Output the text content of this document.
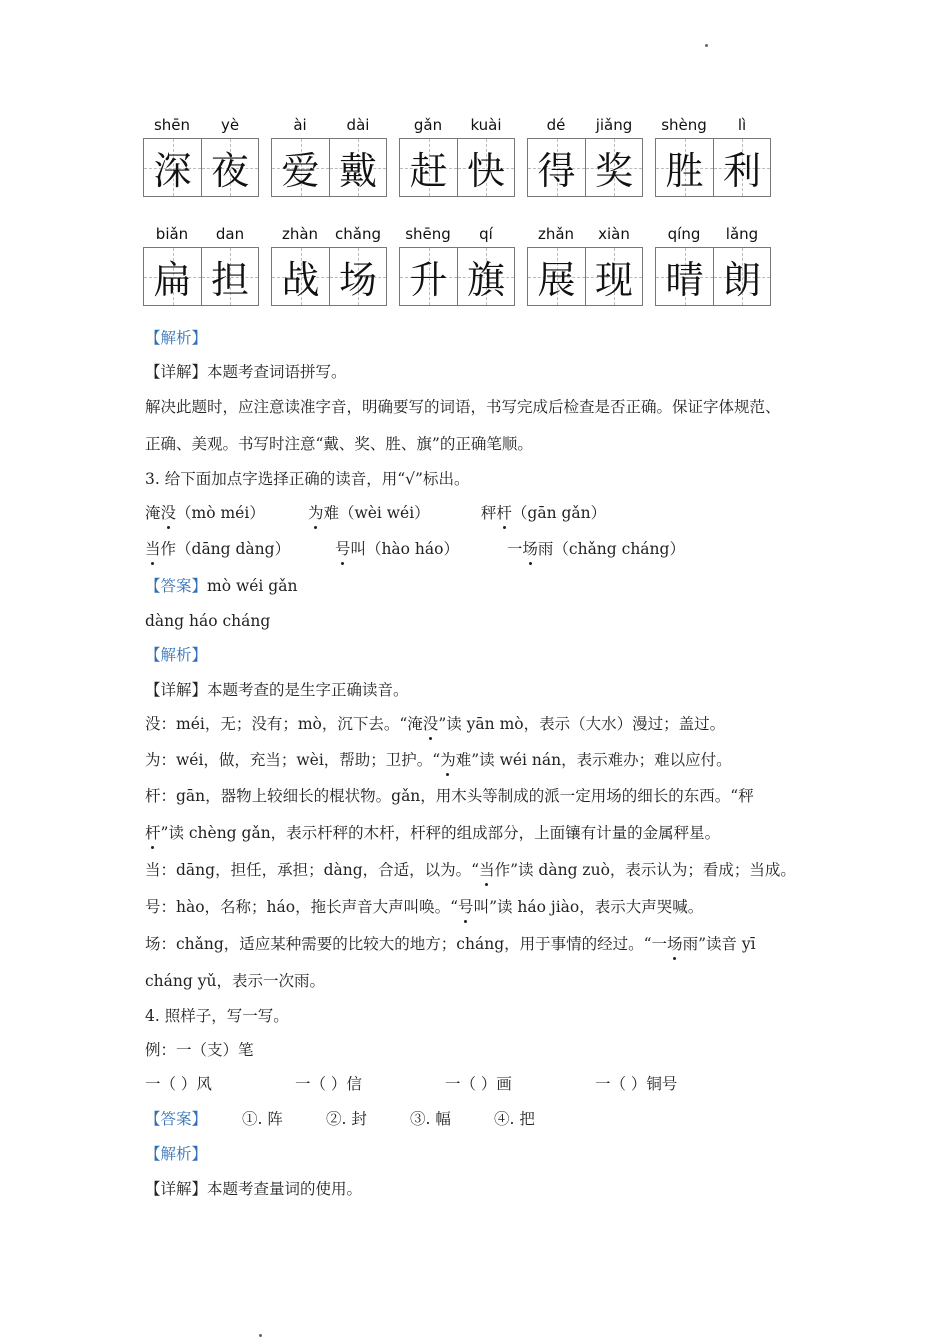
shēn	yè
深 夜
ài	dài
爱 戴
gǎn	kuài
赶 快
dé	jiǎng
得 奖
shèng	lì
胜 利
biǎn	dan
扁 担
zhàn	chǎng
战 场
shēng	qí
升 旗
zhǎn	xiàn
展 现
qíng	lǎng
晴 朗
【解析】
【详解】本题考查词语拼写。
解决此题时，应注意读准字音，明确要写的词语，书写完成后检查是否正确。保证字体规范、
正确、美观。书写时注意“戴、奖、胜、旗”的正确笔顺。
3. 给下面加点字选择正确的读音，用“√”标出。
淹没（mò méi）	为难（wèi wéi）	秤杆（gān gǎn）
当作（dāng dàng）	号叫（hào háo）	一场雨（chǎng cháng）
【答案】mò wéi gǎn
dàng háo cháng
【解析】
【详解】本题考查的是生字正确读音。
没：méi，无；没有；mò，沉下去。“淹没”读 yān mò，表示（大水）漫过；盖过。
为：wéi，做，充当；wèi，帮助；卫护。“为难”读 wéi nán，表示难办；难以应付。
杆：gān，器物上较细长的棍状物。gǎn，用木头等制成的派一定用场的细长的东西。“秤
杆”读 chèng gǎn，表示杆秤的木杆，杆秤的组成部分，上面镶有计量的金属秤星。
当：dāng，担任，承担；dàng，合适，以为。“当作”读 dàng zuò，表示认为；看成；当成。
号：hào，名称；háo，拖长声音大声叫唤。“号叫”读 háo jiào，表示大声哭喊。
场：chǎng，适应某种需要的比较大的地方；cháng，用于事情的经过。“一场雨”读音 yī
cháng yǔ，表示一次雨。
4. 照样子，写一写。
例：一（支）笔
一（ ）风	一（ ）信	一（ ）画	一（ ）铜号
【答案】 ①. 阵	②. 封	③. 幅	④. 把
【解析】
【详解】本题考查量词的使用。
